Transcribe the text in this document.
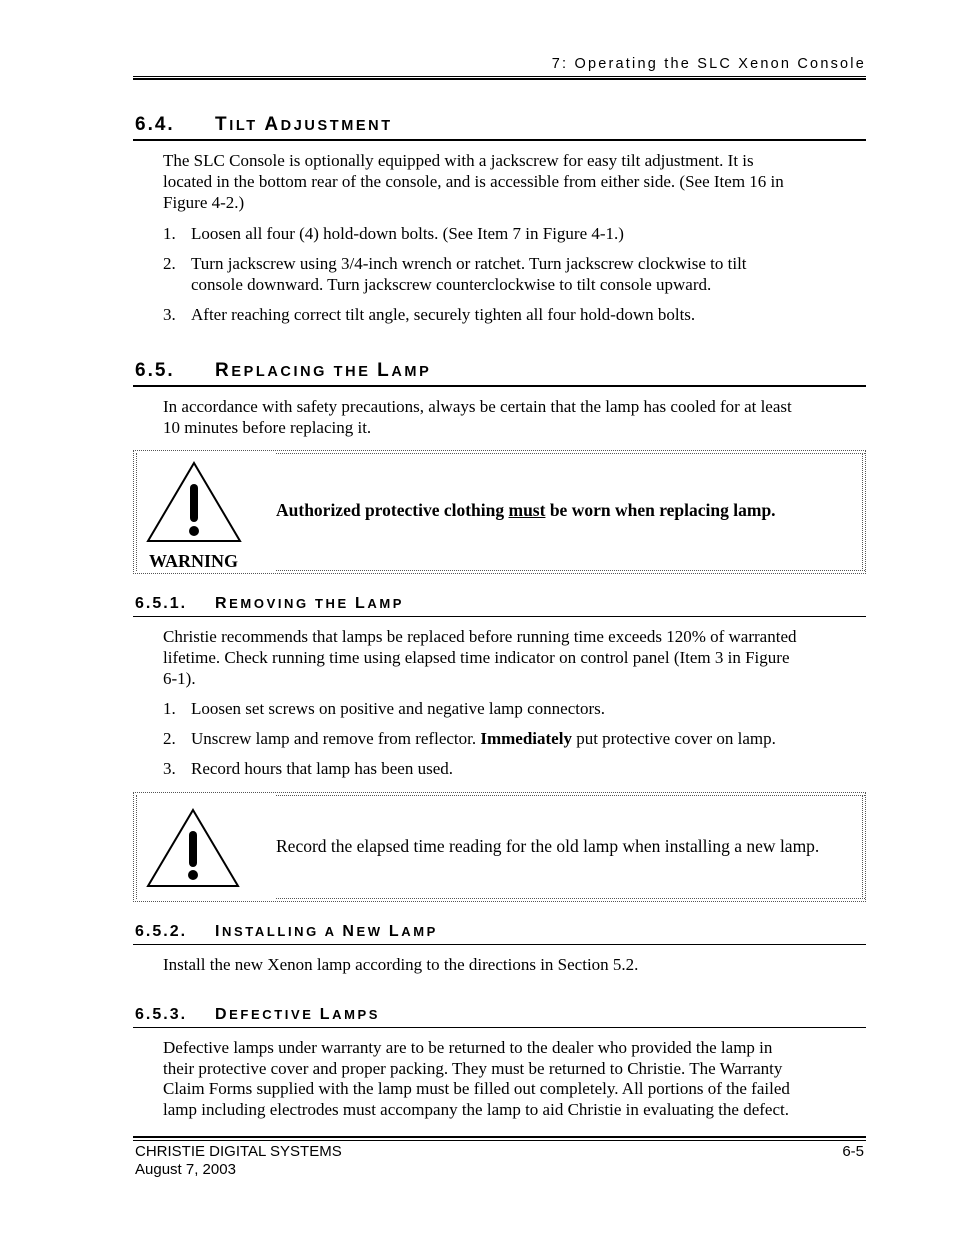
7: Operating the SLC Xenon Console
6.4. TILT ADJUSTMENT
The SLC Console is optionally equipped with a jackscrew for easy tilt adjustment. It is
located in the bottom rear of the console, and is accessible from either side. (See Item 16 in
Figure 4-2.)
1. Loosen all four (4) hold-down bolts. (See Item 7 in Figure 4-1.)
2. Turn jackscrew using 3/4-inch wrench or ratchet. Turn jackscrew clockwise to tilt
console downward. Turn jackscrew counterclockwise to tilt console upward.
3. After reaching correct tilt angle, securely tighten all four hold-down bolts.
6.5. REPLACING THE LAMP
In accordance with safety precautions, always be certain that the lamp has cooled for at least
10 minutes before replacing it.
WARNING
Authorized protective clothing must be worn when replacing lamp.
6.5.1. REMOVING THE LAMP
Christie recommends that lamps be replaced before running time exceeds 120% of warranted
lifetime. Check running time using elapsed time indicator on control panel (Item 3 in Figure
6-1).
1. Loosen set screws on positive and negative lamp connectors.
2. Unscrew lamp and remove from reflector. Immediately put protective cover on lamp.
3. Record hours that lamp has been used.
Record the elapsed time reading for the old lamp when installing a new lamp.
6.5.2. INSTALLING A NEW LAMP
Install the new Xenon lamp according to the directions in Section 5.2.
6.5.3. DEFECTIVE LAMPS
Defective lamps under warranty are to be returned to the dealer who provided the lamp in
their protective cover and proper packing. They must be returned to Christie. The Warranty
Claim Forms supplied with the lamp must be filled out completely. All portions of the failed
lamp including electrodes must accompany the lamp to aid Christie in evaluating the defect.
CHRISTIE DIGITAL SYSTEMS
August 7, 2003
6-5
